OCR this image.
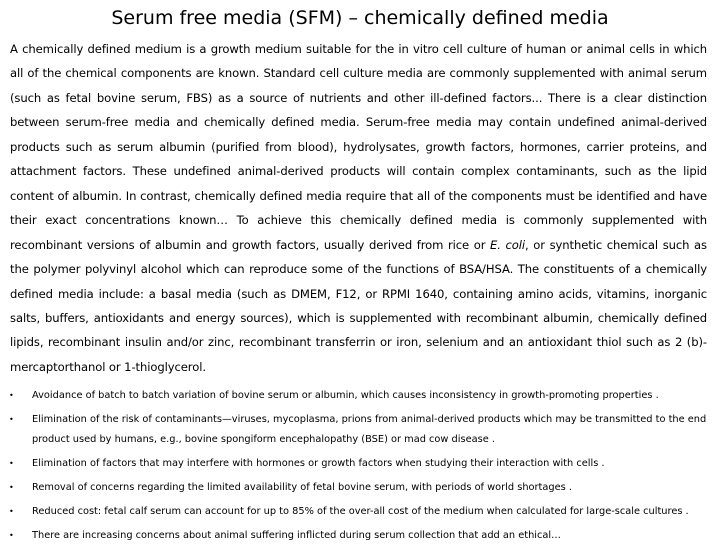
Serum free media (SFM) – chemically defined media

A chemically defined medium is a growth medium suitable for the in vitro cell culture of human or animal cells in which all of the chemical components are known. Standard cell culture media are commonly supplemented with animal serum (such as fetal bovine serum, FBS) as a source of nutrients and other ill-defined factors... There is a clear distinction between serum-free media and chemically defined media. Serum-free media may contain undefined animal-derived products such as serum albumin (purified from blood), hydrolysates, growth factors, hormones, carrier proteins, and attachment factors. These undefined animal-derived products will contain complex contaminants, such as the lipid content of albumin. In contrast, chemically defined media require that all of the components must be identified and have their exact concentrations known… To achieve this chemically defined media is commonly supplemented with recombinant versions of albumin and growth factors, usually derived from rice or E. coli, or synthetic chemical such as the polymer polyvinyl alcohol which can reproduce some of the functions of BSA/HSA. The constituents of a chemically defined media include: a basal media (such as DMEM, F12, or RPMI 1640, containing amino acids, vitamins, inorganic salts, buffers, antioxidants and energy sources), which is supplemented with recombinant albumin, chemically defined lipids, recombinant insulin and/or zinc, recombinant transferrin or iron, selenium and an antioxidant thiol such as 2 (b)-mercaptorthanol or 1-thioglycerol.

• Avoidance of batch to batch variation of bovine serum or albumin, which causes inconsistency in growth-promoting properties .
• Elimination of the risk of contaminants—viruses, mycoplasma, prions from animal-derived products which may be transmitted to the end product used by humans, e.g., bovine spongiform encephalopathy (BSE) or mad cow disease .
• Elimination of factors that may interfere with hormones or growth factors when studying their interaction with cells .
• Removal of concerns regarding the limited availability of fetal bovine serum, with periods of world shortages .
• Reduced cost: fetal calf serum can account for up to 85% of the over-all cost of the medium when calculated for large-scale cultures .
• There are increasing concerns about animal suffering inflicted during serum collection that add an ethical…
